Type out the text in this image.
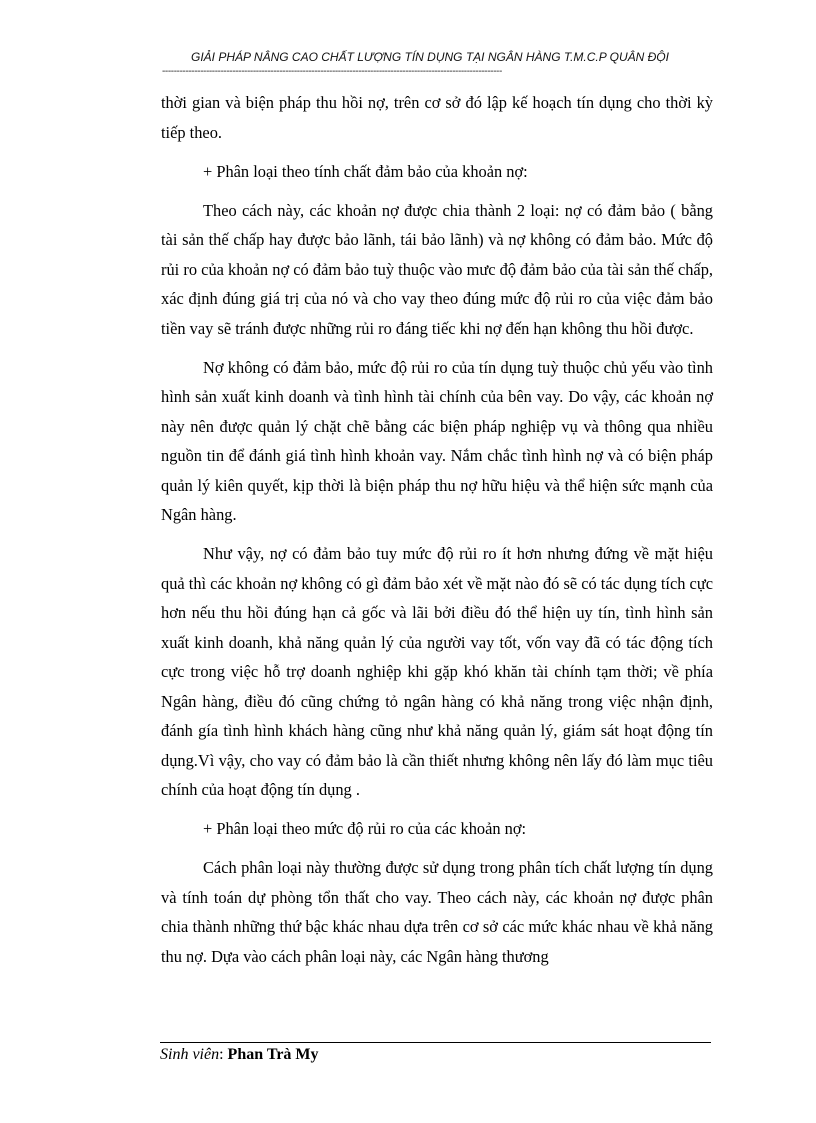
GIẢI PHÁP NÂNG CAO CHẤT LƯỢNG TÍN DỤNG TẠI NGÂN HÀNG T.M.C.P QUÂN ĐỘI
--------------------------------------------------------------------------------------------------------------------

thời gian và biện pháp thu hồi nợ, trên cơ sở đó lập kế hoạch tín dụng cho thời kỳ tiếp theo.

+ Phân loại theo tính chất đảm bảo của khoản nợ:

Theo cách này, các khoản nợ được chia thành 2 loại: nợ có đảm bảo ( bằng tài sản thế chấp hay được bảo lãnh, tái bảo lãnh) và nợ không có đảm bảo. Mức độ rủi ro của khoản nợ có đảm bảo tuỳ thuộc vào mưc độ đảm bảo của tài sản thế chấp, xác định đúng giá trị của nó và cho vay theo đúng mức độ rủi ro của việc đảm bảo tiền vay sẽ tránh được những rủi ro đáng tiếc khi nợ đến hạn không thu hồi được.

Nợ không có đảm bảo, mức độ rủi ro của tín dụng tuỳ thuộc chủ yếu vào tình hình sản xuất kinh doanh và tình hình tài chính của bên vay. Do vậy, các khoản nợ này nên được quản lý chặt chẽ bằng các biện pháp nghiệp vụ và thông qua nhiều nguồn tin để đánh giá tình hình khoản vay. Nắm chắc tình hình nợ và có biện pháp quản lý kiên quyết, kịp thời là biện pháp thu nợ hữu hiệu và thể hiện sức mạnh của Ngân hàng.

Như vậy, nợ có đảm bảo tuy mức độ rủi ro ít hơn nhưng đứng về mặt hiệu quả thì các khoản nợ không có gì đảm bảo xét về mặt nào đó sẽ có tác dụng tích cực hơn nếu thu hồi đúng hạn cả gốc và lãi bởi điều đó thể hiện uy tín, tình hình sản xuất kinh doanh, khả năng quản lý của người vay tốt, vốn vay đã có tác động tích cực trong việc hỗ trợ doanh nghiệp khi gặp khó khăn tài chính tạm thời; về phía Ngân hàng, điều đó cũng chứng tỏ ngân hàng có khả năng trong việc nhận định, đánh gía tình hình khách hàng cũng như khả năng quản lý, giám sát hoạt động tín dụng.Vì vậy, cho vay có đảm bảo là cần thiết nhưng không nên lấy đó làm mục tiêu chính của hoạt động tín dụng .

+ Phân loại theo mức độ rủi ro của các khoản nợ:

Cách phân loại này thường được sử dụng trong phân tích chất lượng tín dụng và tính toán dự phòng tổn thất cho vay. Theo cách này, các khoản nợ được phân chia thành những thứ bậc khác nhau dựa trên cơ sở các mức khác nhau về khả năng thu nợ. Dựa vào cách phân loại này, các Ngân hàng thương

Sinh viên: Phan Trà My
